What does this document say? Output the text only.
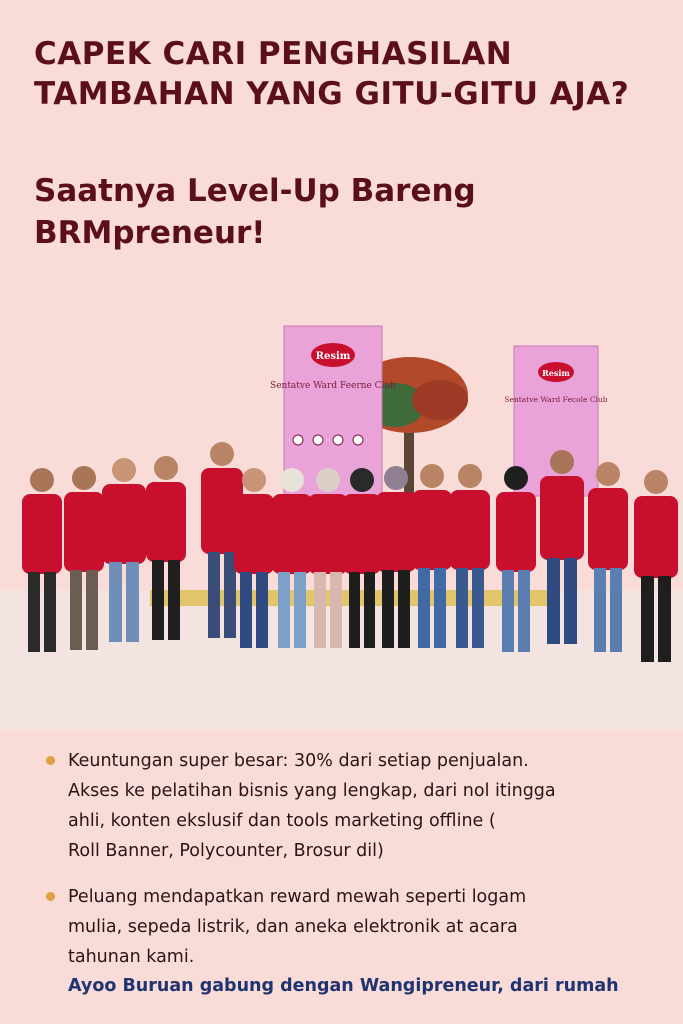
CAPEK CARI PENGHASILAN TAMBAHAN YANG GITU-GITU AJA?
Saatnya Level-Up Bareng BRMpreneur!
Resim
Sentatve Ward Feerne Club
Resim
Sentatve Ward Fecole Club
Keuntungan super besar: 30% dari setiap penjualan.
Akses ke pelatihan bisnis yang lengkap, dari nol itingga
ahli, konten ekslusif dan tools marketing offline (
Roll Banner, Polycounter, Brosur dil)
Peluang mendapatkan reward mewah seperti logam
mulia, sepeda listrik, dan aneka elektronik at acara
tahunan kami.

Ayoo Buruan gabung dengan Wangipreneur, dari rumah
